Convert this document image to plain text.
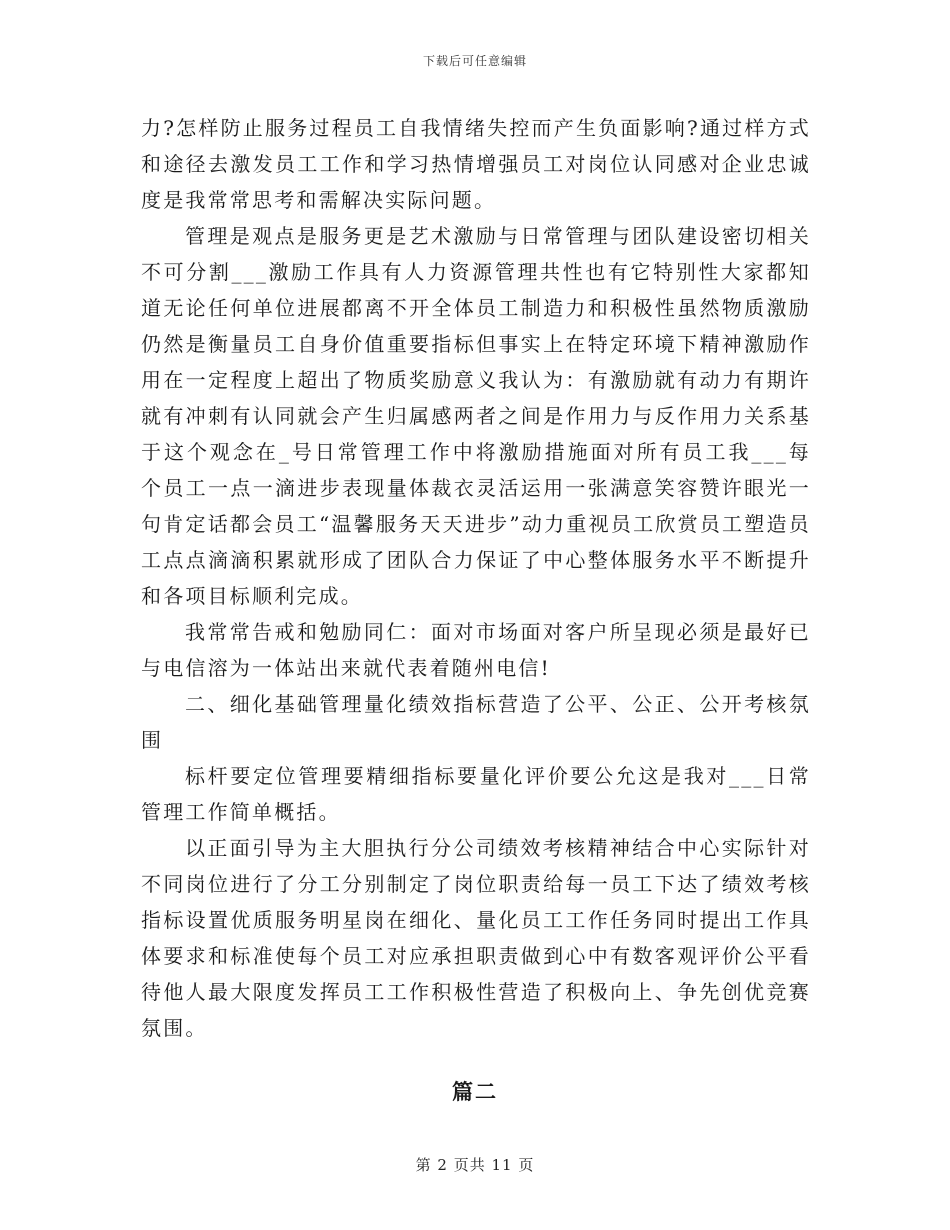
下载后可任意编辑

力?怎样防止服务过程员工自我情绪失控而产生负面影响?通过样方式和途径去激发员工工作和学习热情增强员工对岗位认同感对企业忠诚度是我常常思考和需解决实际问题。

管理是观点是服务更是艺术激励与日常管理与团队建设密切相关不可分割___激励工作具有人力资源管理共性也有它特别性大家都知道无论任何单位进展都离不开全体员工制造力和积极性虽然物质激励仍然是衡量员工自身价值重要指标但事实上在特定环境下精神激励作用在一定程度上超出了物质奖励意义我认为：有激励就有动力有期许就有冲刺有认同就会产生归属感两者之间是作用力与反作用力关系基于这个观念在_号日常管理工作中将激励措施面对所有员工我___每个员工一点一滴进步表现量体裁衣灵活运用一张满意笑容赞许眼光一句肯定话都会员工“温馨服务天天进步”动力重视员工欣赏员工塑造员工点点滴滴积累就形成了团队合力保证了中心整体服务水平不断提升和各项目标顺利完成。

我常常告戒和勉励同仁：面对市场面对客户所呈现必须是最好已与电信溶为一体站出来就代表着随州电信!

二、细化基础管理量化绩效指标营造了公平、公正、公开考核氛围

标杆要定位管理要精细指标要量化评价要公允这是我对___日常管理工作简单概括。

以正面引导为主大胆执行分公司绩效考核精神结合中心实际针对不同岗位进行了分工分别制定了岗位职责给每一员工下达了绩效考核指标设置优质服务明星岗在细化、量化员工工作任务同时提出工作具体要求和标准使每个员工对应承担职责做到心中有数客观评价公平看待他人最大限度发挥员工工作积极性营造了积极向上、争先创优竞赛氛围。

篇二
第 2 页共 11 页
